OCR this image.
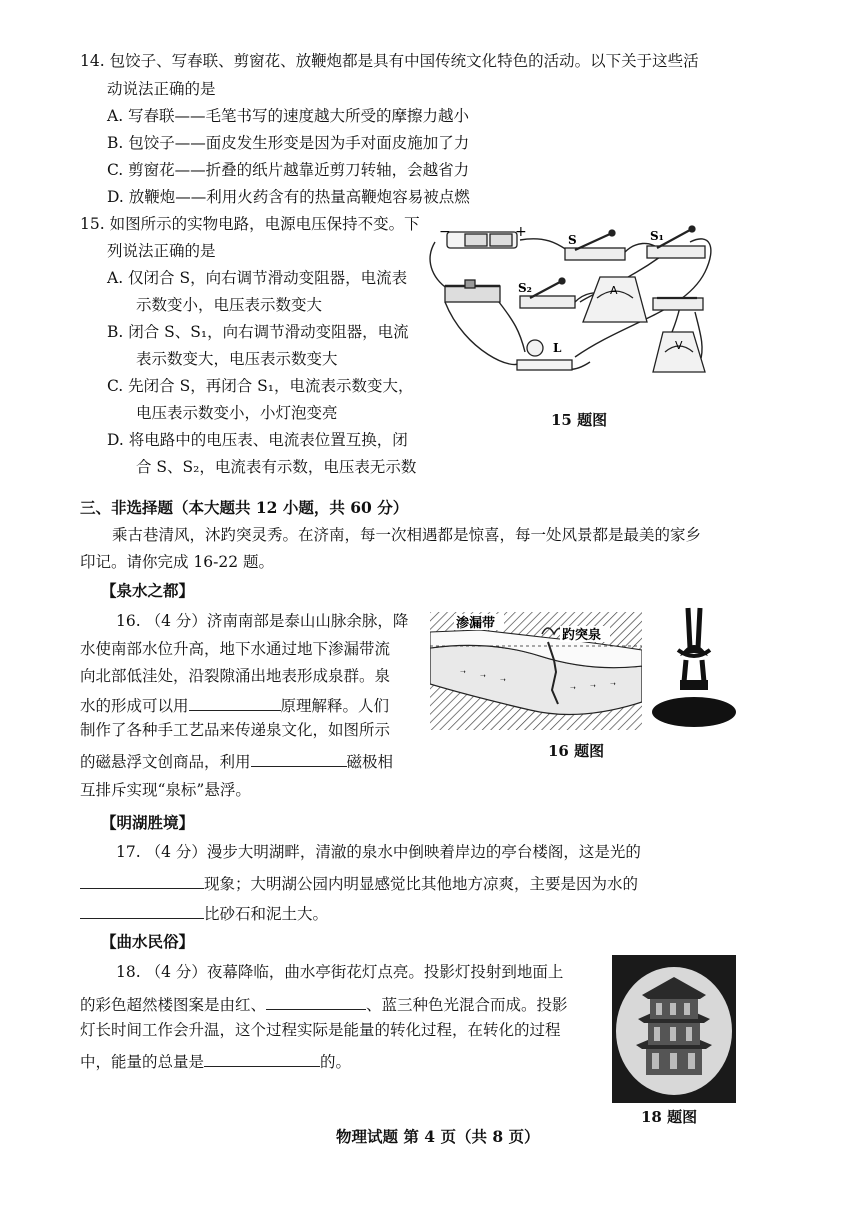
14. 包饺子、写春联、剪窗花、放鞭炮都是具有中国传统文化特色的活动。以下关于这些活
动说法正确的是
A. 写春联——毛笔书写的速度越大所受的摩擦力越小
B. 包饺子——面皮发生形变是因为手对面皮施加了力
C. 剪窗花——折叠的纸片越靠近剪刀转轴，会越省力
D. 放鞭炮——利用火药含有的热量高鞭炮容易被点燃
15. 如图所示的实物电路，电源电压保持不变。下
列说法正确的是
A. 仅闭合 S，向右调节滑动变阻器，电流表
示数变小，电压表示数变大
B. 闭合 S、S₁，向右调节滑动变阻器，电流
表示数变大，电压表示数变大
C. 先闭合 S，再闭合 S₁，电流表示数变大，
电压表示数变小，小灯泡变亮
D. 将电路中的电压表、电流表位置互换，闭
合 S、S₂，电流表有示数，电压表无示数
−	+	S	S₁
S₂	A
L	V
15 题图
三、非选择题（本大题共 12 小题，共 60 分）
乘古巷清风，沐趵突灵秀。在济南，每一次相遇都是惊喜，每一处风景都是最美的家乡
印记。请你完成 16-22 题。
【泉水之都】
16. （4 分）济南南部是泰山山脉余脉，降
水使南部水位升高，地下水通过地下渗漏带流
向北部低洼处，沿裂隙涌出地表形成泉群。泉
水的形成可以用	原理解释。人们
制作了各种手工艺品来传递泉文化，如图所示
的磁悬浮文创商品，利用	磁极相
互排斥实现“泉标”悬浮。
➝ ➝ ➝
➝ ➝ ➝
渗漏带
趵突泉
16 题图
【明湖胜境】
17. （4 分）漫步大明湖畔，清澈的泉水中倒映着岸边的亭台楼阁，这是光的
现象；大明湖公园内明显感觉比其他地方凉爽，主要是因为水的
比砂石和泥土大。
【曲水民俗】
18. （4 分）夜幕降临，曲水亭街花灯点亮。投影灯投射到地面上
的彩色超然楼图案是由红、	、蓝三种色光混合而成。投影
灯长时间工作会升温，这个过程实际是能量的转化过程，在转化的过程
中，能量的总量是	的。
18 题图
物理试题 第 4 页（共 8 页）
